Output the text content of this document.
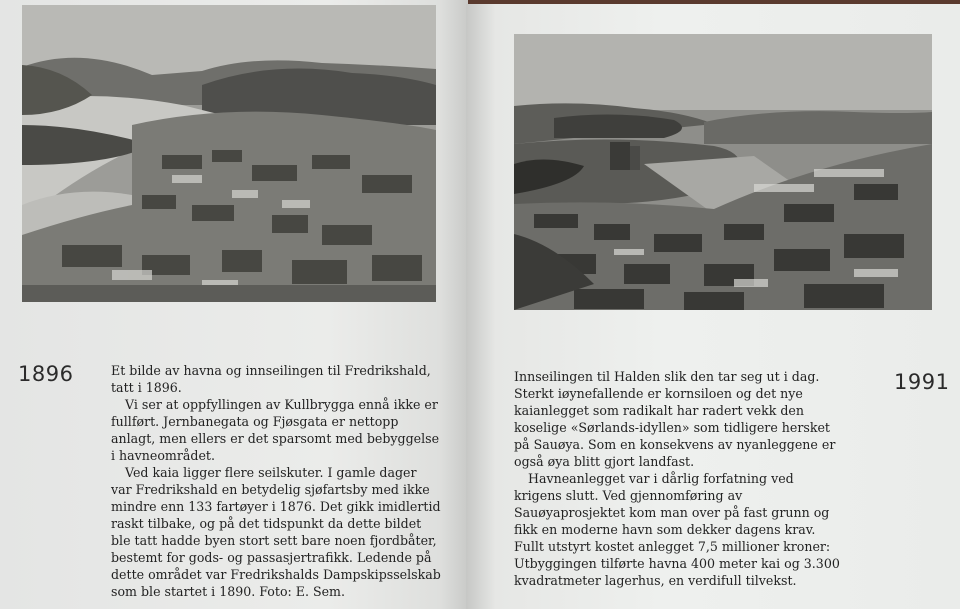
1896	Et bilde av havna og innseilingen til Fredrikshald, tatt i 1896.

Vi ser at oppfyllingen av Kullbrygga ennå ikke er fullført. Jernbanegata og Fjøsgata er nettopp anlagt, men ellers er det sparsomt med bebyggelse i havneområdet.

Ved kaia ligger flere seilskuter. I gamle dager var Fredrikshald en betydelig sjøfartsby med ikke mindre enn 133 fartøyer i 1876. Det gikk imidlertid raskt tilbake, og på det tidspunkt da dette bildet ble tatt hadde byen stort sett bare noen fjordbåter, bestemt for gods- og passasjertrafikk. Ledende på dette området var Fredrikshalds Dampskipsselskab som ble startet i 1890. Foto: E. Sem.

1991

Innseilingen til Halden slik den tar seg ut i dag. Sterkt iøynefallende er kornsiloen og det nye kaianlegget som radikalt har radert vekk den koselige «Sørlands-idyllen» som tidligere hersket på Sauøya. Som en konsekvens av nyanleggene er også øya blitt gjort landfast.

Havneanlegget var i dårlig forfatning ved krigens slutt. Ved gjennomføring av Sauøyaprosjektet kom man over på fast grunn og fikk en moderne havn som dekker dagens krav. Fullt utstyrt kostet anlegget 7,5 millioner kroner: Utbyggingen tilførte havna 400 meter kai og 3.300 kvadratmeter lagerhus, en verdifull tilvekst.
